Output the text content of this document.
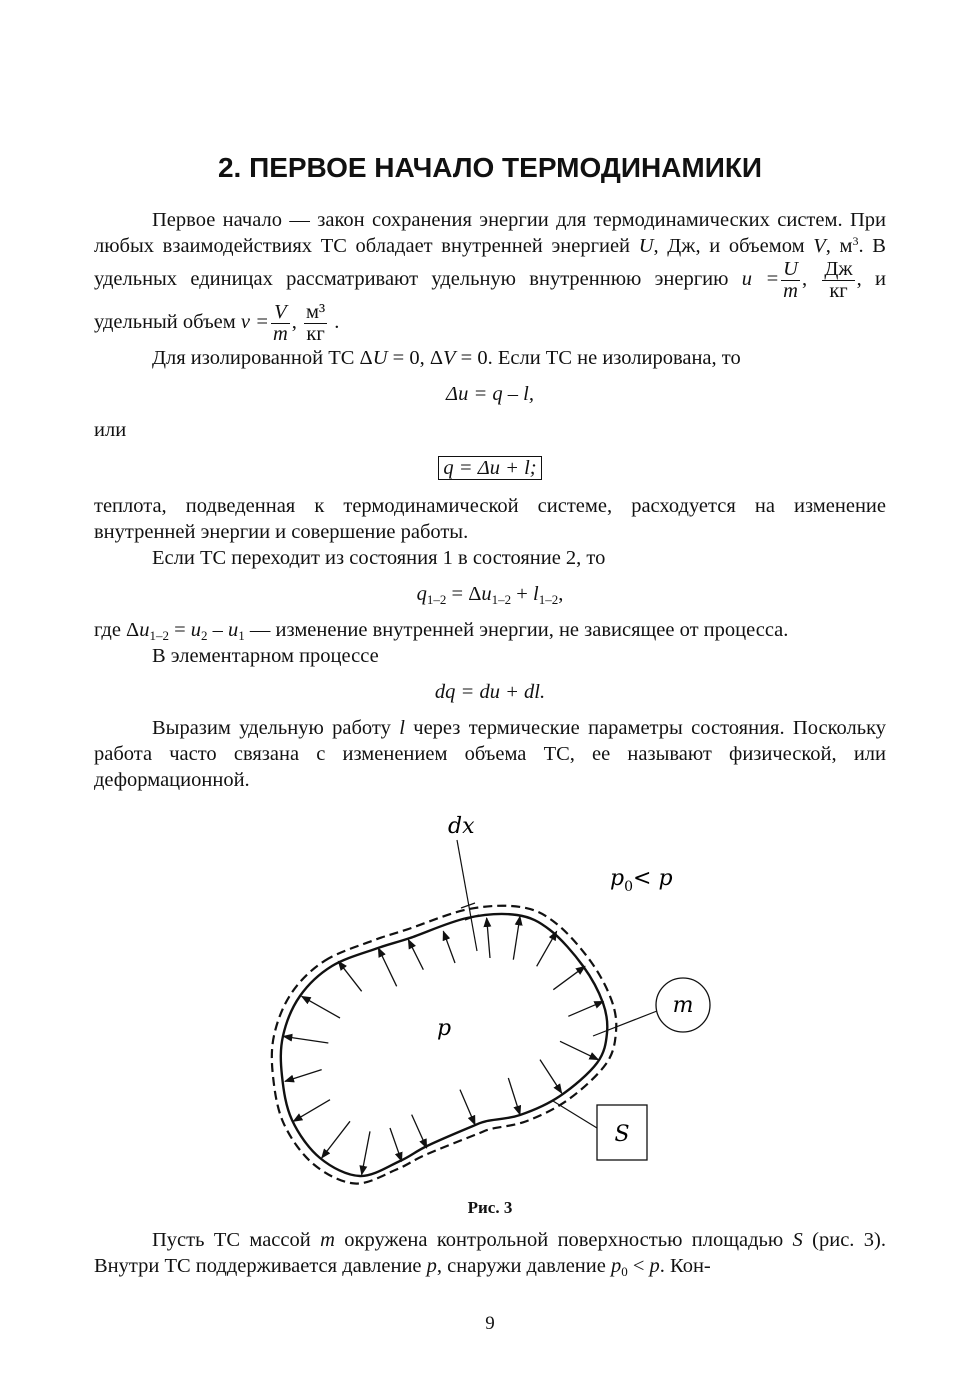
2. ПЕРВОЕ НАЧАЛО ТЕРМОДИНАМИКИ

Первое начало — закон сохранения энергии для термодинамических систем. При любых взаимодействиях ТС обладает внутренней энергией U, Дж, и объемом V, $м^3$. В удельных единицах рассматривают удельную внутреннюю энергию $u = \frac{U}{m}$ , Дж
кг
, и удельный объем $v = \frac{V}{m}$ , м³
кг
.

Для изолированной ТС ΔU = 0, ΔV = 0. Если ТС не изолирована, то

Δu = q – l,

или

q = Δu + l;

теплота, подведенная к термодинамической системе, расходуется на изменение внутренней энергии и совершение работы.

Если ТС переходит из состояния 1 в состояние 2, то

$q_{1-2} = \Delta u_{1-2} + l_{1-2}$,

где $\Delta u_{1-2} = u_2 - u_1$ — изменение внутренней энергии, не зависящее от процесса.

В элементарном процессе

dq = du + dl.

Выразим удельную работу l через термические параметры состояния. Поскольку работа часто связана с изменением объема ТС, ее называют физической, или деформационной.

dx
$p_0< p$
p
m
S

Рис. 3

Пусть ТС массой m окружена контрольной поверхностью площадью S (рис. 3). Внутри ТС поддерживается давление p, снаружи давление $p_0 < p$. Кон-

9
